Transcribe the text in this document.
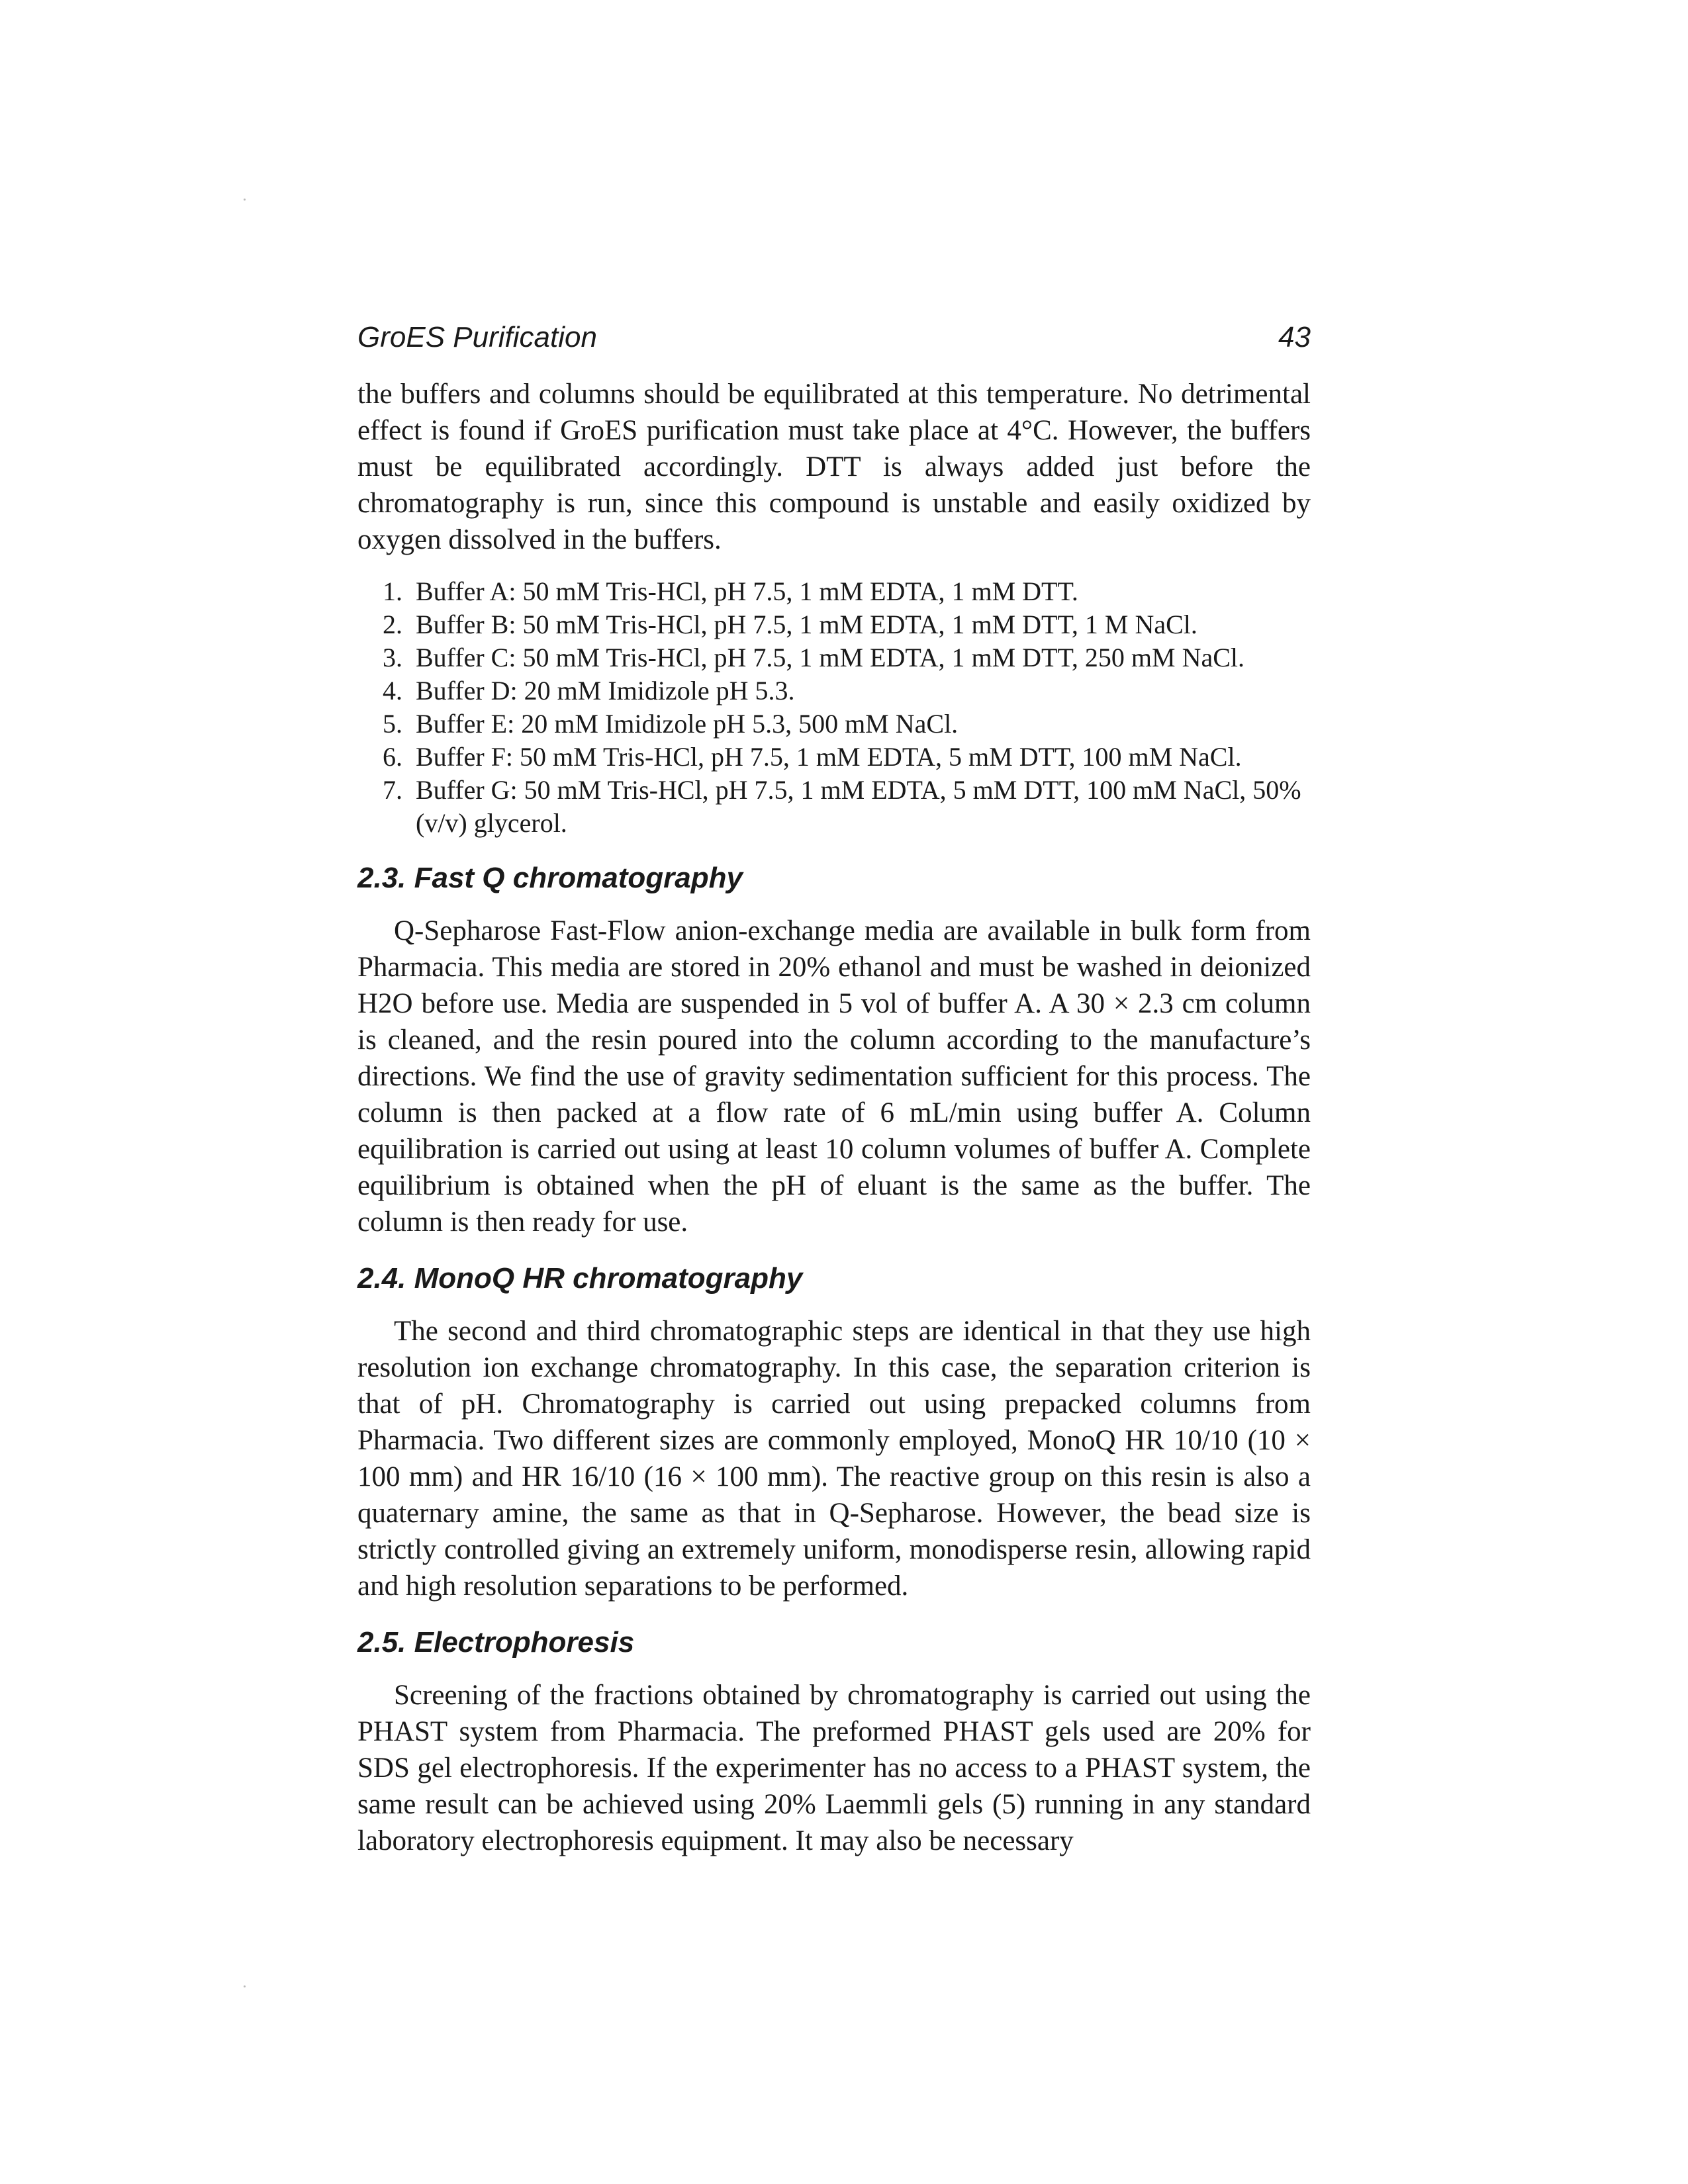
GroES Purification	43

the buffers and columns should be equilibrated at this temperature. No detrimental effect is found if GroES purification must take place at 4°C. However, the buffers must be equilibrated accordingly. DTT is always added just before the chromatography is run, since this compound is unstable and easily oxidized by oxygen dissolved in the buffers.

1. Buffer A: 50 mM Tris-HCl, pH 7.5, 1 mM EDTA, 1 mM DTT.
2. Buffer B: 50 mM Tris-HCl, pH 7.5, 1 mM EDTA, 1 mM DTT, 1 M NaCl.
3. Buffer C: 50 mM Tris-HCl, pH 7.5, 1 mM EDTA, 1 mM DTT, 250 mM NaCl.
4. Buffer D: 20 mM Imidizole pH 5.3.
5. Buffer E: 20 mM Imidizole pH 5.3, 500 mM NaCl.
6. Buffer F: 50 mM Tris-HCl, pH 7.5, 1 mM EDTA, 5 mM DTT, 100 mM NaCl.
7. Buffer G: 50 mM Tris-HCl, pH 7.5, 1 mM EDTA, 5 mM DTT, 100 mM NaCl, 50% (v/v) glycerol.
2.3. Fast Q chromatography

Q-Sepharose Fast-Flow anion-exchange media are available in bulk form from Pharmacia. This media are stored in 20% ethanol and must be washed in deionized H2O before use. Media are suspended in 5 vol of buffer A. A 30 × 2.3 cm column is cleaned, and the resin poured into the column according to the manufacture’s directions. We find the use of gravity sedimentation sufficient for this process. The column is then packed at a flow rate of 6 mL/min using buffer A. Column equilibration is carried out using at least 10 column volumes of buffer A. Complete equilibrium is obtained when the pH of eluant is the same as the buffer. The column is then ready for use.

2.4. MonoQ HR chromatography

The second and third chromatographic steps are identical in that they use high resolution ion exchange chromatography. In this case, the separation criterion is that of pH. Chromatography is carried out using prepacked columns from Pharmacia. Two different sizes are commonly employed, MonoQ HR 10/10 (10 × 100 mm) and HR 16/10 (16 × 100 mm). The reactive group on this resin is also a quaternary amine, the same as that in Q-Sepharose. However, the bead size is strictly controlled giving an extremely uniform, monodisperse resin, allowing rapid and high resolution separations to be performed.

2.5. Electrophoresis

Screening of the fractions obtained by chromatography is carried out using the PHAST system from Pharmacia. The preformed PHAST gels used are 20% for SDS gel electrophoresis. If the experimenter has no access to a PHAST system, the same result can be achieved using 20% Laemmli gels (5) running in any standard laboratory electrophoresis equipment. It may also be necessary
